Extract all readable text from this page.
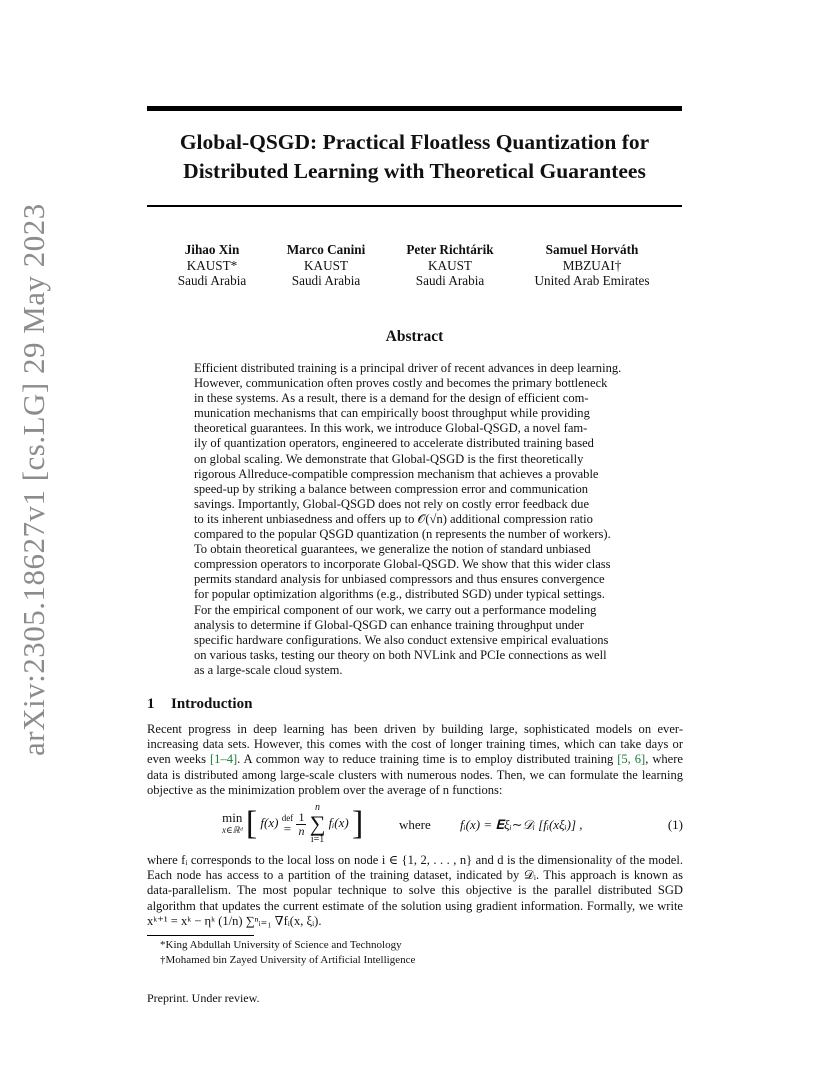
arXiv:2305.18627v1 [cs.LG] 29 May 2023
Global-QSGD: Practical Floatless Quantization for
Distributed Learning with Theoretical Guarantees
Jihao Xin
KAUST*
Saudi Arabia
Marco Canini
KAUST
Saudi Arabia
Peter Richtárik
KAUST
Saudi Arabia
Samuel Horváth
MBZUAI†
United Arab Emirates
Abstract
Efficient distributed training is a principal driver of recent advances in deep learning.
However, communication often proves costly and becomes the primary bottleneck
in these systems. As a result, there is a demand for the design of efficient com-
munication mechanisms that can empirically boost throughput while providing
theoretical guarantees. In this work, we introduce Global-QSGD, a novel fam-
ily of quantization operators, engineered to accelerate distributed training based
on global scaling. We demonstrate that Global-QSGD is the first theoretically
rigorous Allreduce-compatible compression mechanism that achieves a provable
speed-up by striking a balance between compression error and communication
savings. Importantly, Global-QSGD does not rely on costly error feedback due
to its inherent unbiasedness and offers up to 𝒪(√n) additional compression ratio
compared to the popular QSGD quantization (n represents the number of workers).
To obtain theoretical guarantees, we generalize the notion of standard unbiased
compression operators to incorporate Global-QSGD. We show that this wider class
permits standard analysis for unbiased compressors and thus ensures convergence
for popular optimization algorithms (e.g., distributed SGD) under typical settings.
For the empirical component of our work, we carry out a performance modeling
analysis to determine if Global-QSGD can enhance training throughput under
specific hardware configurations. We also conduct extensive empirical evaluations
on various tasks, testing our theory on both NVLink and PCIe connections as well
as a large-scale cloud system.
1 Introduction
Recent progress in deep learning has been driven by building large, sophisticated models on ever-increasing data sets. However, this comes with the cost of longer training times, which can take days or even weeks [1–4]. A common way to reduce training time is to employ distributed training [5, 6], where data is distributed among large-scale clusters with numerous nodes. Then, we can formulate the learning objective as the minimization problem over the average of n functions:
min
x∈ℝᵈ [ f(x) def
=
$\frac{1}{n}$

n
∑
i=1
fᵢ(x) ]	where fᵢ(x) = 𝐄ξᵢ∼𝒟ᵢ [fᵢ(xξᵢ)] ,	(1)
where fᵢ corresponds to the local loss on node i ∈ {1, 2, . . . , n} and d is the dimensionality of the model. Each node has access to a partition of the training dataset, indicated by 𝒟ᵢ. This approach is known as data-parallelism. The most popular technique to solve this objective is the parallel distributed SGD algorithm that updates the current estimate of the solution using gradient information. Formally, we write xᵏ⁺¹ = xᵏ − ηᵏ (1/n) ∑ⁿᵢ₌₁ ∇fᵢ(x, ξᵢ).
*King Abdullah University of Science and Technology
†Mohamed bin Zayed University of Artificial Intelligence
Preprint. Under review.
